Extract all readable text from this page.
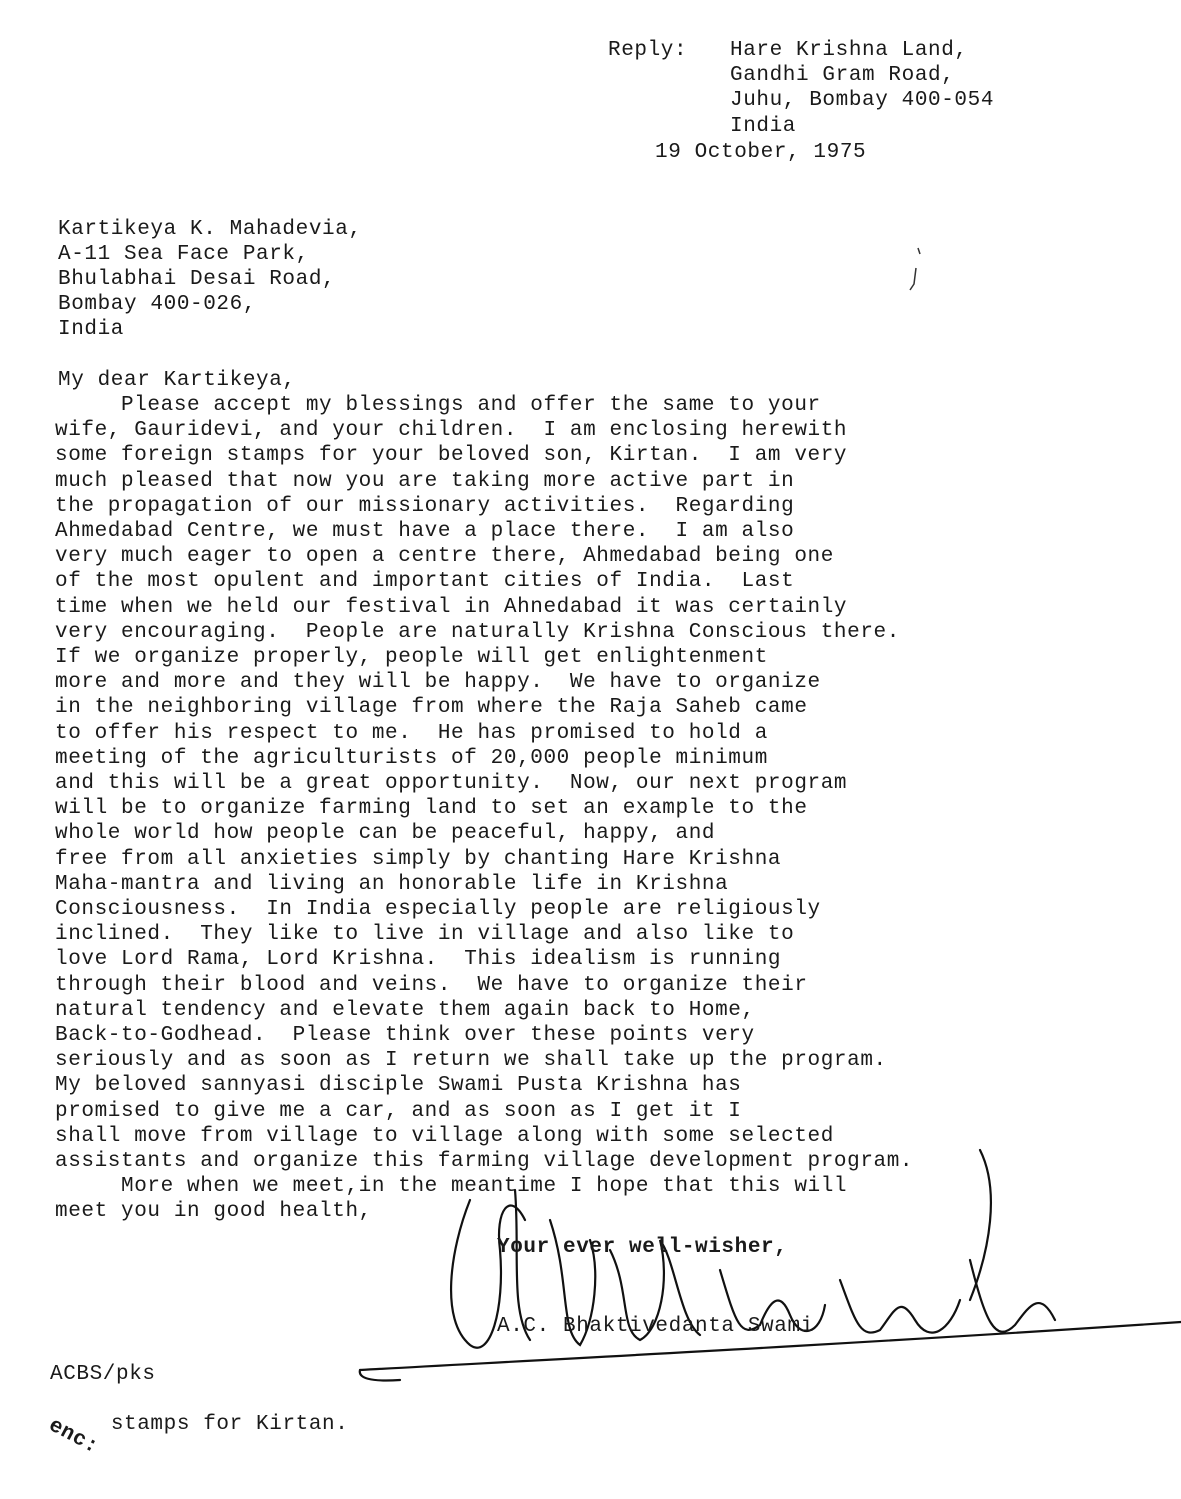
Reply: Hare Krishna Land,
Gandhi Gram Road,
Juhu, Bombay 400-054
India
19 October, 1975
Kartikeya K. Mahadevia,
A-11 Sea Face Park,
Bhulabhai Desai Road,
Bombay 400-026,
India
My dear Kartikeya,
Please accept my blessings and offer the same to your
wife, Gauridevi, and your children.  I am enclosing herewith
some foreign stamps for your beloved son, Kirtan.  I am very
much pleased that now you are taking more active part in
the propagation of our missionary activities.  Regarding
Ahmedabad Centre, we must have a place there.  I am also
very much eager to open a centre there, Ahmedabad being one
of the most opulent and important cities of India.  Last
time when we held our festival in Ahnedabad it was certainly
very encouraging.  People are naturally Krishna Conscious there.
If we organize properly, people will get enlightenment
more and more and they will be happy.  We have to organize
in the neighboring village from where the Raja Saheb came
to offer his respect to me.  He has promised to hold a
meeting of the agriculturists of 20,000 people minimum
and this will be a great opportunity.  Now, our next program
will be to organize farming land to set an example to the
whole world how people can be peaceful, happy, and
free from all anxieties simply by chanting Hare Krishna
Maha-mantra and living an honorable life in Krishna
Consciousness.  In India especially people are religiously
inclined.  They like to live in village and also like to
love Lord Rama, Lord Krishna.  This idealism is running
through their blood and veins.  We have to organize their
natural tendency and elevate them again back to Home,
Back-to-Godhead.  Please think over these points very
seriously and as soon as I return we shall take up the program.
My beloved sannyasi disciple Swami Pusta Krishna has
promised to give me a car, and as soon as I get it I
shall move from village to village along with some selected
assistants and organize this farming village development program.
More when we meet,in the meantime I hope that this will
meet you in good health,
Your ever well-wisher,
A.C. Bhaktivedanta Swami
ACBS/pks
enc: stamps for Kirtan.
